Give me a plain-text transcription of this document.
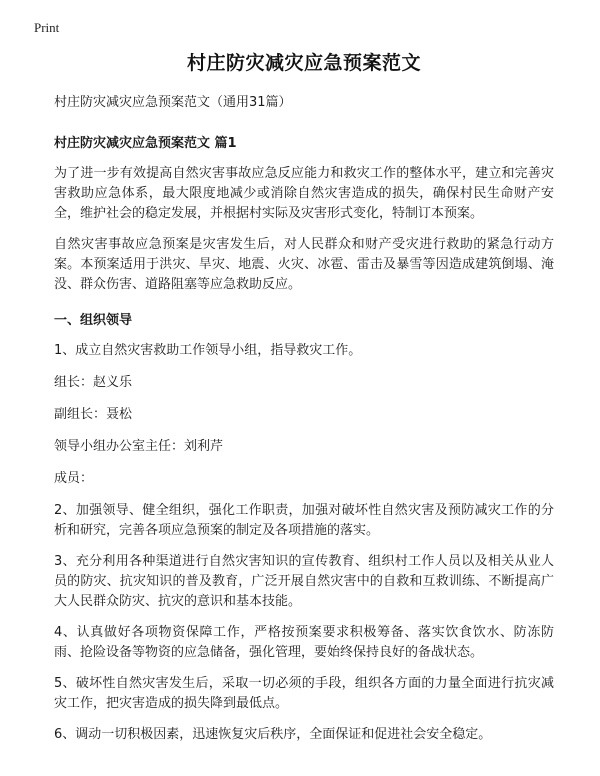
Print
村庄防灾减灾应急预案范文

村庄防灾减灾应急预案范文（通用31篇）

村庄防灾减灾应急预案范文 篇1

为了进一步有效提高自然灾害事故应急反应能力和救灾工作的整体水平，建立和完善灾害救助应急体系，最大限度地减少或消除自然灾害造成的损失，确保村民生命财产安全，维护社会的稳定发展，并根据村实际及灾害形式变化，特制订本预案。

自然灾害事故应急预案是灾害发生后，对人民群众和财产受灾进行救助的紧急行动方案。本预案适用于洪灾、旱灾、地震、火灾、冰雹、雷击及暴雪等因造成建筑倒塌、淹没、群众伤害、道路阻塞等应急救助反应。

一、组织领导

1、成立自然灾害救助工作领导小组，指导救灾工作。

组长：赵义乐

副组长：聂松

领导小组办公室主任：刘利芹

成员：

2、加强领导、健全组织，强化工作职责，加强对破坏性自然灾害及预防减灾工作的分析和研究，完善各项应急预案的制定及各项措施的落实。

3、充分利用各种渠道进行自然灾害知识的宣传教育、组织村工作人员以及相关从业人员的防灾、抗灾知识的普及教育，广泛开展自然灾害中的自救和互救训练、不断提高广大人民群众防灾、抗灾的意识和基本技能。

4、认真做好各项物资保障工作，严格按预案要求积极筹备、落实饮食饮水、防冻防雨、抢险设备等物资的应急储备，强化管理，要始终保持良好的备战状态。

5、破坏性自然灾害发生后，采取一切必须的手段，组织各方面的力量全面进行抗灾减灾工作，把灾害造成的损失降到最低点。

6、调动一切积极因素，迅速恢复灾后秩序，全面保证和促进社会安全稳定。
